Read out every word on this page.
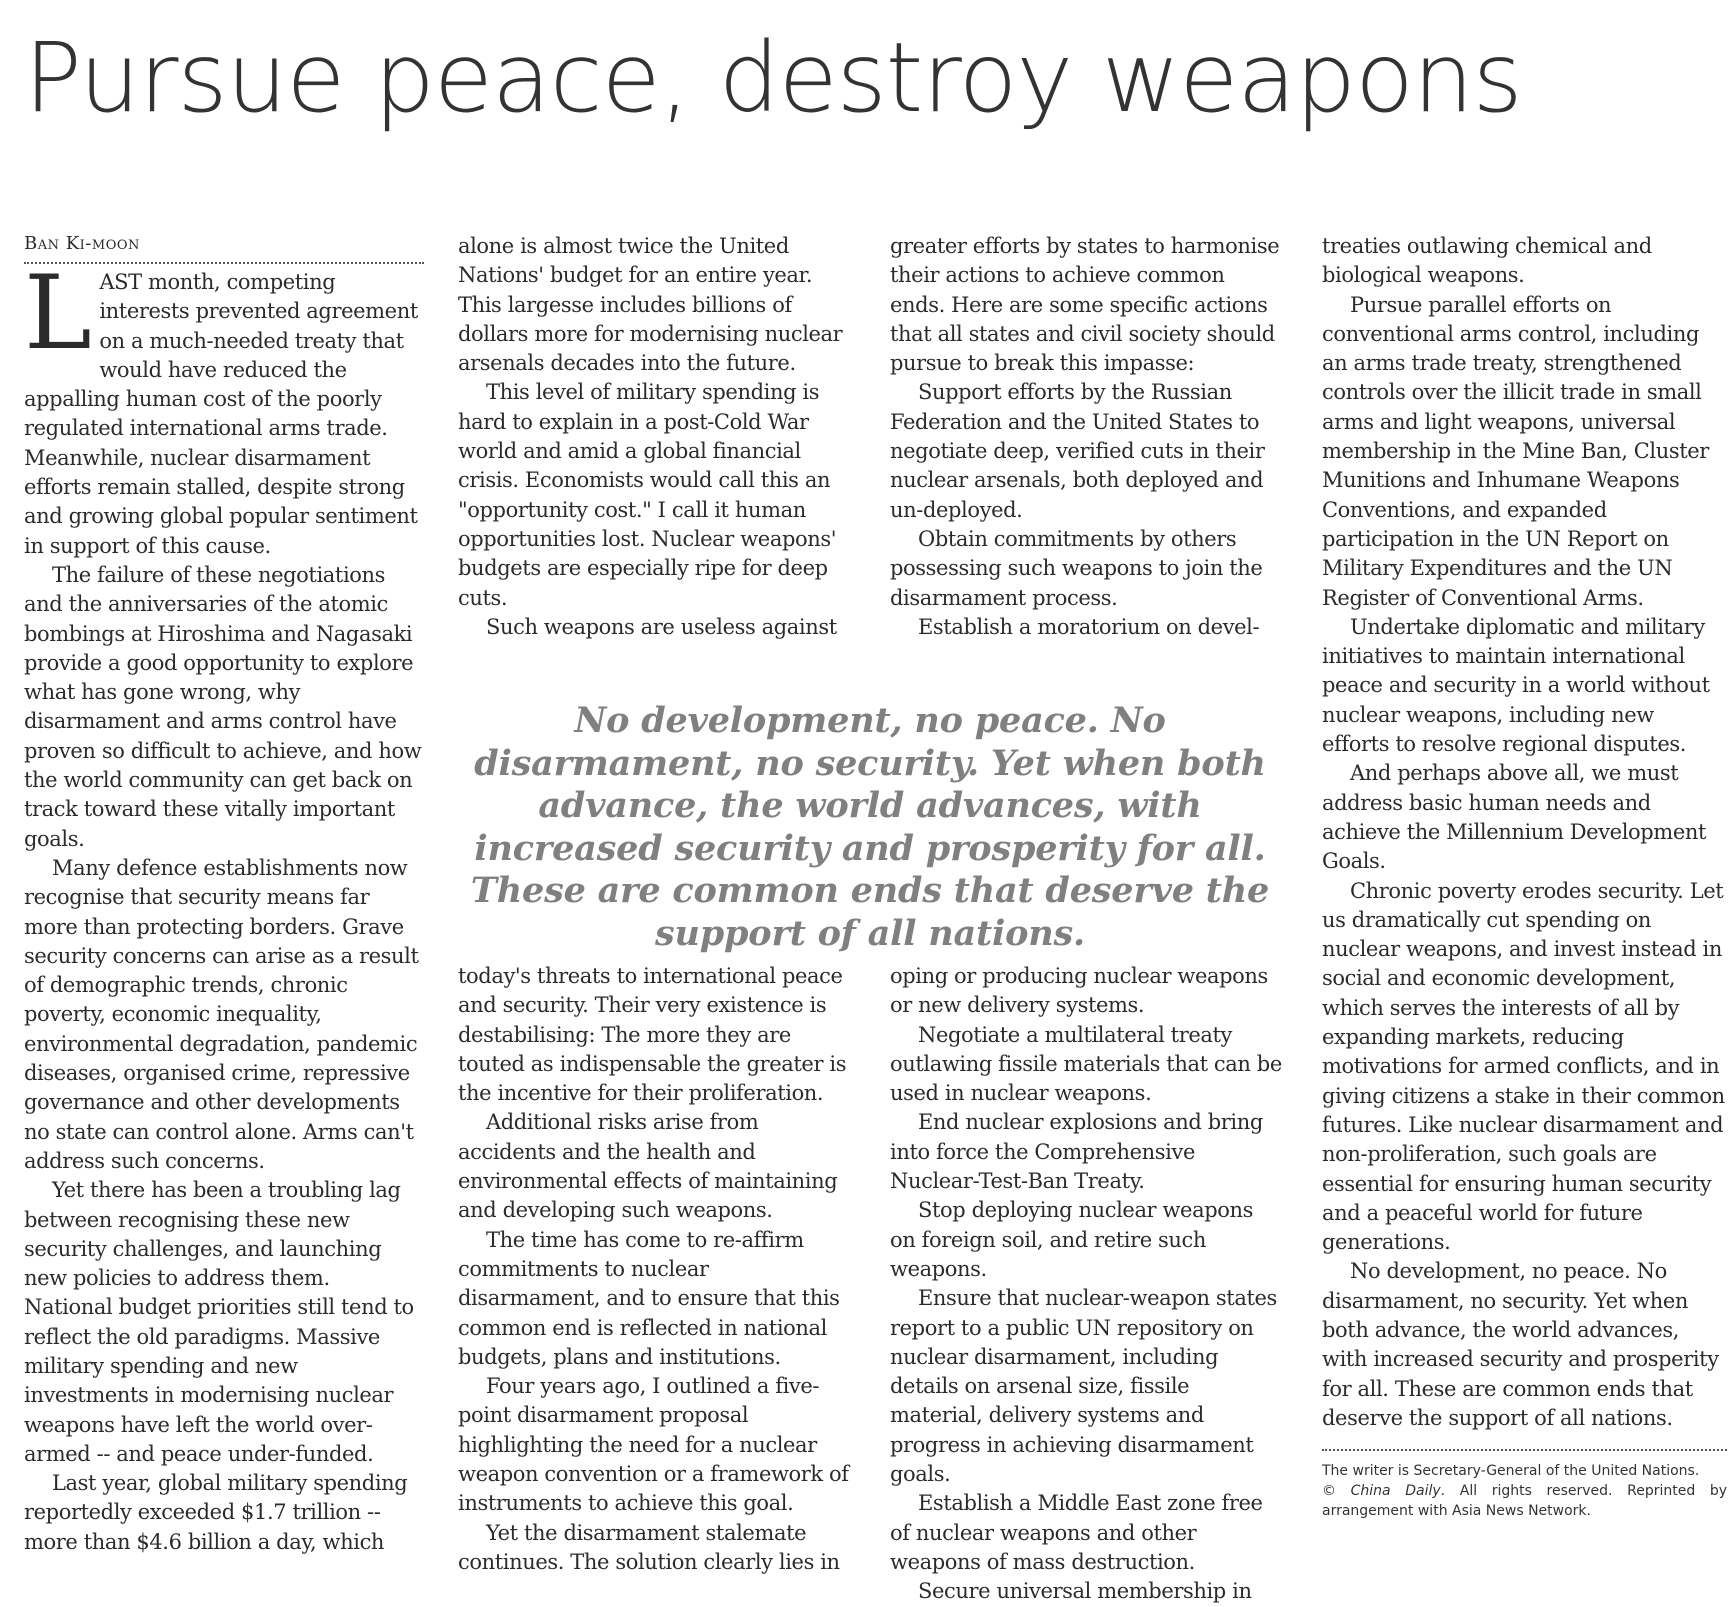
Pursue peace, destroy weapons
Ban Ki-moon

LAST month, competing interests prevented agreement on a much-needed treaty that would have reduced the appalling human cost of the poorly regulated international arms trade. Meanwhile, nuclear disarmament efforts remain stalled, despite strong and growing global popular sentiment in support of this cause.

The failure of these negotiations and the anniversaries of the atomic bombings at Hiroshima and Nagasaki provide a good opportunity to explore what has gone wrong, why disarmament and arms control have proven so difficult to achieve, and how the world community can get back on track toward these vitally important goals.

Many defence establishments now recognise that security means far more than protecting borders. Grave security concerns can arise as a result of demographic trends, chronic poverty, economic inequality, environmental degradation, pandemic diseases, organised crime, repressive governance and other developments no state can control alone. Arms can't address such concerns.

Yet there has been a troubling lag between recognising these new security challenges, and launching new policies to address them. National budget priorities still tend to reflect the old paradigms. Massive military spending and new investments in modernising nuclear weapons have left the world over-armed -- and peace under-funded.

Last year, global military spending reportedly exceeded $1.7 trillion -- more than $4.6 billion a day, which

alone is almost twice the United Nations' budget for an entire year. This largesse includes billions of dollars more for modernising nuclear arsenals decades into the future.

This level of military spending is hard to explain in a post-Cold War world and amid a global financial crisis. Economists would call this an "opportunity cost." I call it human opportunities lost. Nuclear weapons' budgets are especially ripe for deep cuts.

Such weapons are useless against

greater efforts by states to harmonise their actions to achieve common ends. Here are some specific actions that all states and civil society should pursue to break this impasse:

Support efforts by the Russian Federation and the United States to negotiate deep, verified cuts in their nuclear arsenals, both deployed and un-deployed.

Obtain commitments by others possessing such weapons to join the disarmament process.

Establish a moratorium on devel-

No development, no peace. No disarmament, no security. Yet when both advance, the world advances, with increased security and prosperity for all. These are common ends that deserve the support of all nations.

today's threats to international peace and security. Their very existence is destabilising: The more they are touted as indispensable the greater is the incentive for their proliferation.

Additional risks arise from accidents and the health and environmental effects of maintaining and developing such weapons.

The time has come to re-affirm commitments to nuclear disarmament, and to ensure that this common end is reflected in national budgets, plans and institutions.

Four years ago, I outlined a five-point disarmament proposal highlighting the need for a nuclear weapon convention or a framework of instruments to achieve this goal.

Yet the disarmament stalemate continues. The solution clearly lies in

oping or producing nuclear weapons or new delivery systems.

Negotiate a multilateral treaty outlawing fissile materials that can be used in nuclear weapons.

End nuclear explosions and bring into force the Comprehensive Nuclear-Test-Ban Treaty.

Stop deploying nuclear weapons on foreign soil, and retire such weapons.

Ensure that nuclear-weapon states report to a public UN repository on nuclear disarmament, including details on arsenal size, fissile material, delivery systems and progress in achieving disarmament goals.

Establish a Middle East zone free of nuclear weapons and other weapons of mass destruction.

Secure universal membership in

treaties outlawing chemical and biological weapons.

Pursue parallel efforts on conventional arms control, including an arms trade treaty, strengthened controls over the illicit trade in small arms and light weapons, universal membership in the Mine Ban, Cluster Munitions and Inhumane Weapons Conventions, and expanded participation in the UN Report on Military Expenditures and the UN Register of Conventional Arms.

Undertake diplomatic and military initiatives to maintain international peace and security in a world without nuclear weapons, including new efforts to resolve regional disputes.

And perhaps above all, we must address basic human needs and achieve the Millennium Development Goals.

Chronic poverty erodes security. Let us dramatically cut spending on nuclear weapons, and invest instead in social and economic development, which serves the interests of all by expanding markets, reducing motivations for armed conflicts, and in giving citizens a stake in their common futures. Like nuclear disarmament and non-proliferation, such goals are essential for ensuring human security and a peaceful world for future generations.

No development, no peace. No disarmament, no security. Yet when both advance, the world advances, with increased security and prosperity for all. These are common ends that deserve the support of all nations.

The writer is Secretary-General of the United Nations.

© China Daily. All rights reserved. Reprinted by arrangement with Asia News Network.
